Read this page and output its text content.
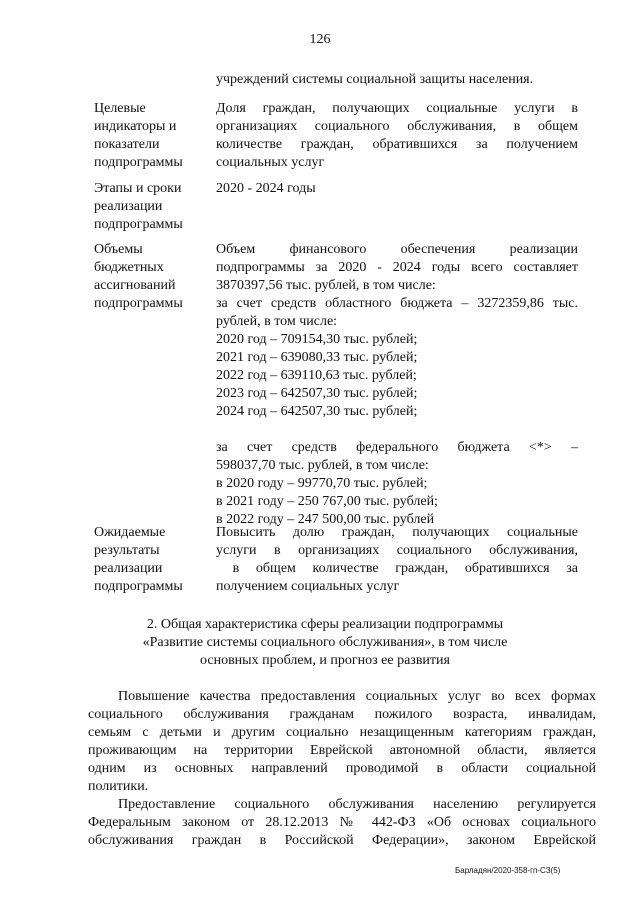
126
учреждений системы социальной защиты населения.
Целевые
индикаторы и
показатели
подпрограммы
Доля граждан, получающих социальные услуги в
организациях социального обслуживания, в общем
количестве граждан, обратившихся за получением
социальных услуг
Этапы и сроки
реализации
подпрограммы
2020 - 2024 годы
Объемы
бюджетных
ассигнований
подпрограммы
Объем финансового обеспечения реализации
подпрограммы за 2020 - 2024 годы всего составляет
3870397,56 тыс. рублей, в том числе:
за счет средств областного бюджета – 3272359,86 тыс.
рублей, в том числе:
2020 год – 709154,30 тыс. рублей;
2021 год – 639080,33 тыс. рублей;
2022 год – 639110,63 тыс. рублей;
2023 год – 642507,30 тыс. рублей;
2024 год – 642507,30 тыс. рублей;
за счет средств федерального бюджета <*> –
598037,70 тыс. рублей, в том числе:
в 2020 году – 99770,70 тыс. рублей;
в 2021 году – 250 767,00 тыс. рублей;
в 2022 году – 247 500,00 тыс. рублей
Ожидаемые
результаты
реализации
подпрограммы
Повысить долю граждан, получающих социальные
услуги в организациях социального обслуживания,
в общем количестве граждан, обратившихся за
получением социальных услуг
2. Общая характеристика сферы реализации подпрограммы
«Развитие системы социального обслуживания», в том числе
основных проблем, и прогноз ее развития
Повышение качества предоставления социальных услуг во всех формах
социального обслуживания гражданам пожилого возраста, инвалидам,
семьям с детьми и другим социально незащищенным категориям граждан,
проживающим на территории Еврейской автономной области, является
одним из основных направлений проводимой в области социальной
политики.
Предоставление социального обслуживания населению регулируется
Федеральным законом от 28.12.2013 № 442-ФЗ «Об основах социального
обслуживания граждан в Российской Федерации», законом Еврейской
Барладян/2020-358-гп-СЗ(5)
